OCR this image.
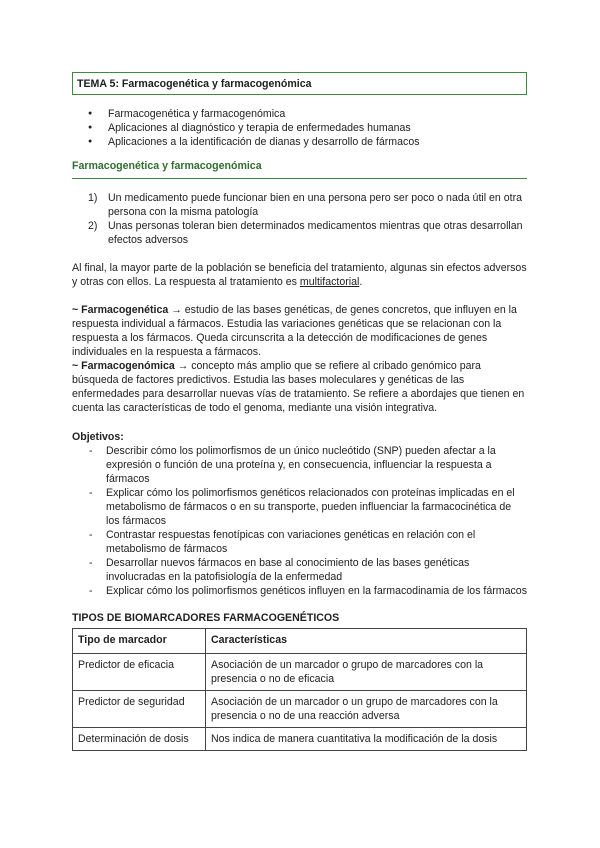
TEMA 5: Farmacogenética y farmacogenómica
● Farmacogenética y farmacogenómica
● Aplicaciones al diagnóstico y terapia de enfermedades humanas
● Aplicaciones a la identificación de dianas y desarrollo de fármacos
Farmacogenética y farmacogenómica
1) Un medicamento puede funcionar bien en una persona pero ser poco o nada útil en otra persona con la misma patología
2) Unas personas toleran bien determinados medicamentos mientras que otras desarrollan efectos adversos

Al final, la mayor parte de la población se beneficia del tratamiento, algunas sin efectos adversos y otras con ellos. La respuesta al tratamiento es multifactorial.

~ Farmacogenética → estudio de las bases genéticas, de genes concretos, que influyen en la respuesta individual a fármacos. Estudia las variaciones genéticas que se relacionan con la respuesta a los fármacos. Queda circunscrita a la detección de modificaciones de genes individuales en la respuesta a fármacos.

~ Farmacogenómica → concepto más amplio que se refiere al cribado genómico para búsqueda de factores predictivos. Estudia las bases moleculares y genéticas de las enfermedades para desarrollar nuevas vías de tratamiento. Se refiere a abordajes que tienen en cuenta las características de todo el genoma, mediante una visión integrativa.

Objetivos:

- Describir cómo los polimorfismos de un único nucleótido (SNP) pueden afectar a la expresión o función de una proteína y, en consecuencia, influenciar la respuesta a fármacos
- Explicar cómo los polimorfismos genéticos relacionados con proteínas implicadas en el metabolismo de fármacos o en su transporte, pueden influenciar la farmacocinética de los fármacos
- Contrastar respuestas fenotípicas con variaciones genéticas en relación con el metabolismo de fármacos
- Desarrollar nuevos fármacos en base al conocimiento de las bases genéticas involucradas en la patofisiología de la enfermedad
- Explicar cómo los polimorfismos genéticos influyen en la farmacodinamia de los fármacos

TIPOS DE BIOMARCADORES FARMACOGENÉTICOS

Tipo de marcador	Características
Predictor de eficacia	Asociación de un marcador o grupo de marcadores con la presencia o no de eficacia
Predictor de seguridad	Asociación de un marcador o un grupo de marcadores con la presencia o no de una reacción adversa
Determinación de dosis	Nos indica de manera cuantitativa la modificación de la dosis
